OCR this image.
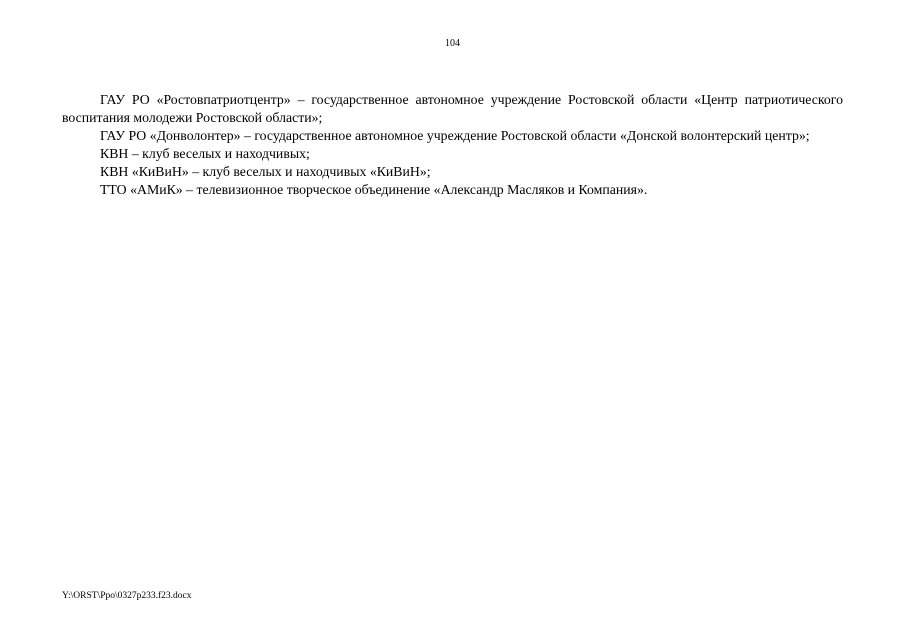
104

ГАУ РО «Ростовпатриотцентр» – государственное автономное учреждение Ростовской области «Центр патриотического воспитания молодежи Ростовской области»;

ГАУ РО «Донволонтер» – государственное автономное учреждение Ростовской области «Донской волонтерский центр»;

КВН – клуб веселых и находчивых;

КВН «КиВиН» – клуб веселых и находчивых «КиВиН»;

ТТО «АМиК» – телевизионное творческое объединение «Александр Масляков и Компания».

Y:\ORST\Ppo\0327p233.f23.docx
